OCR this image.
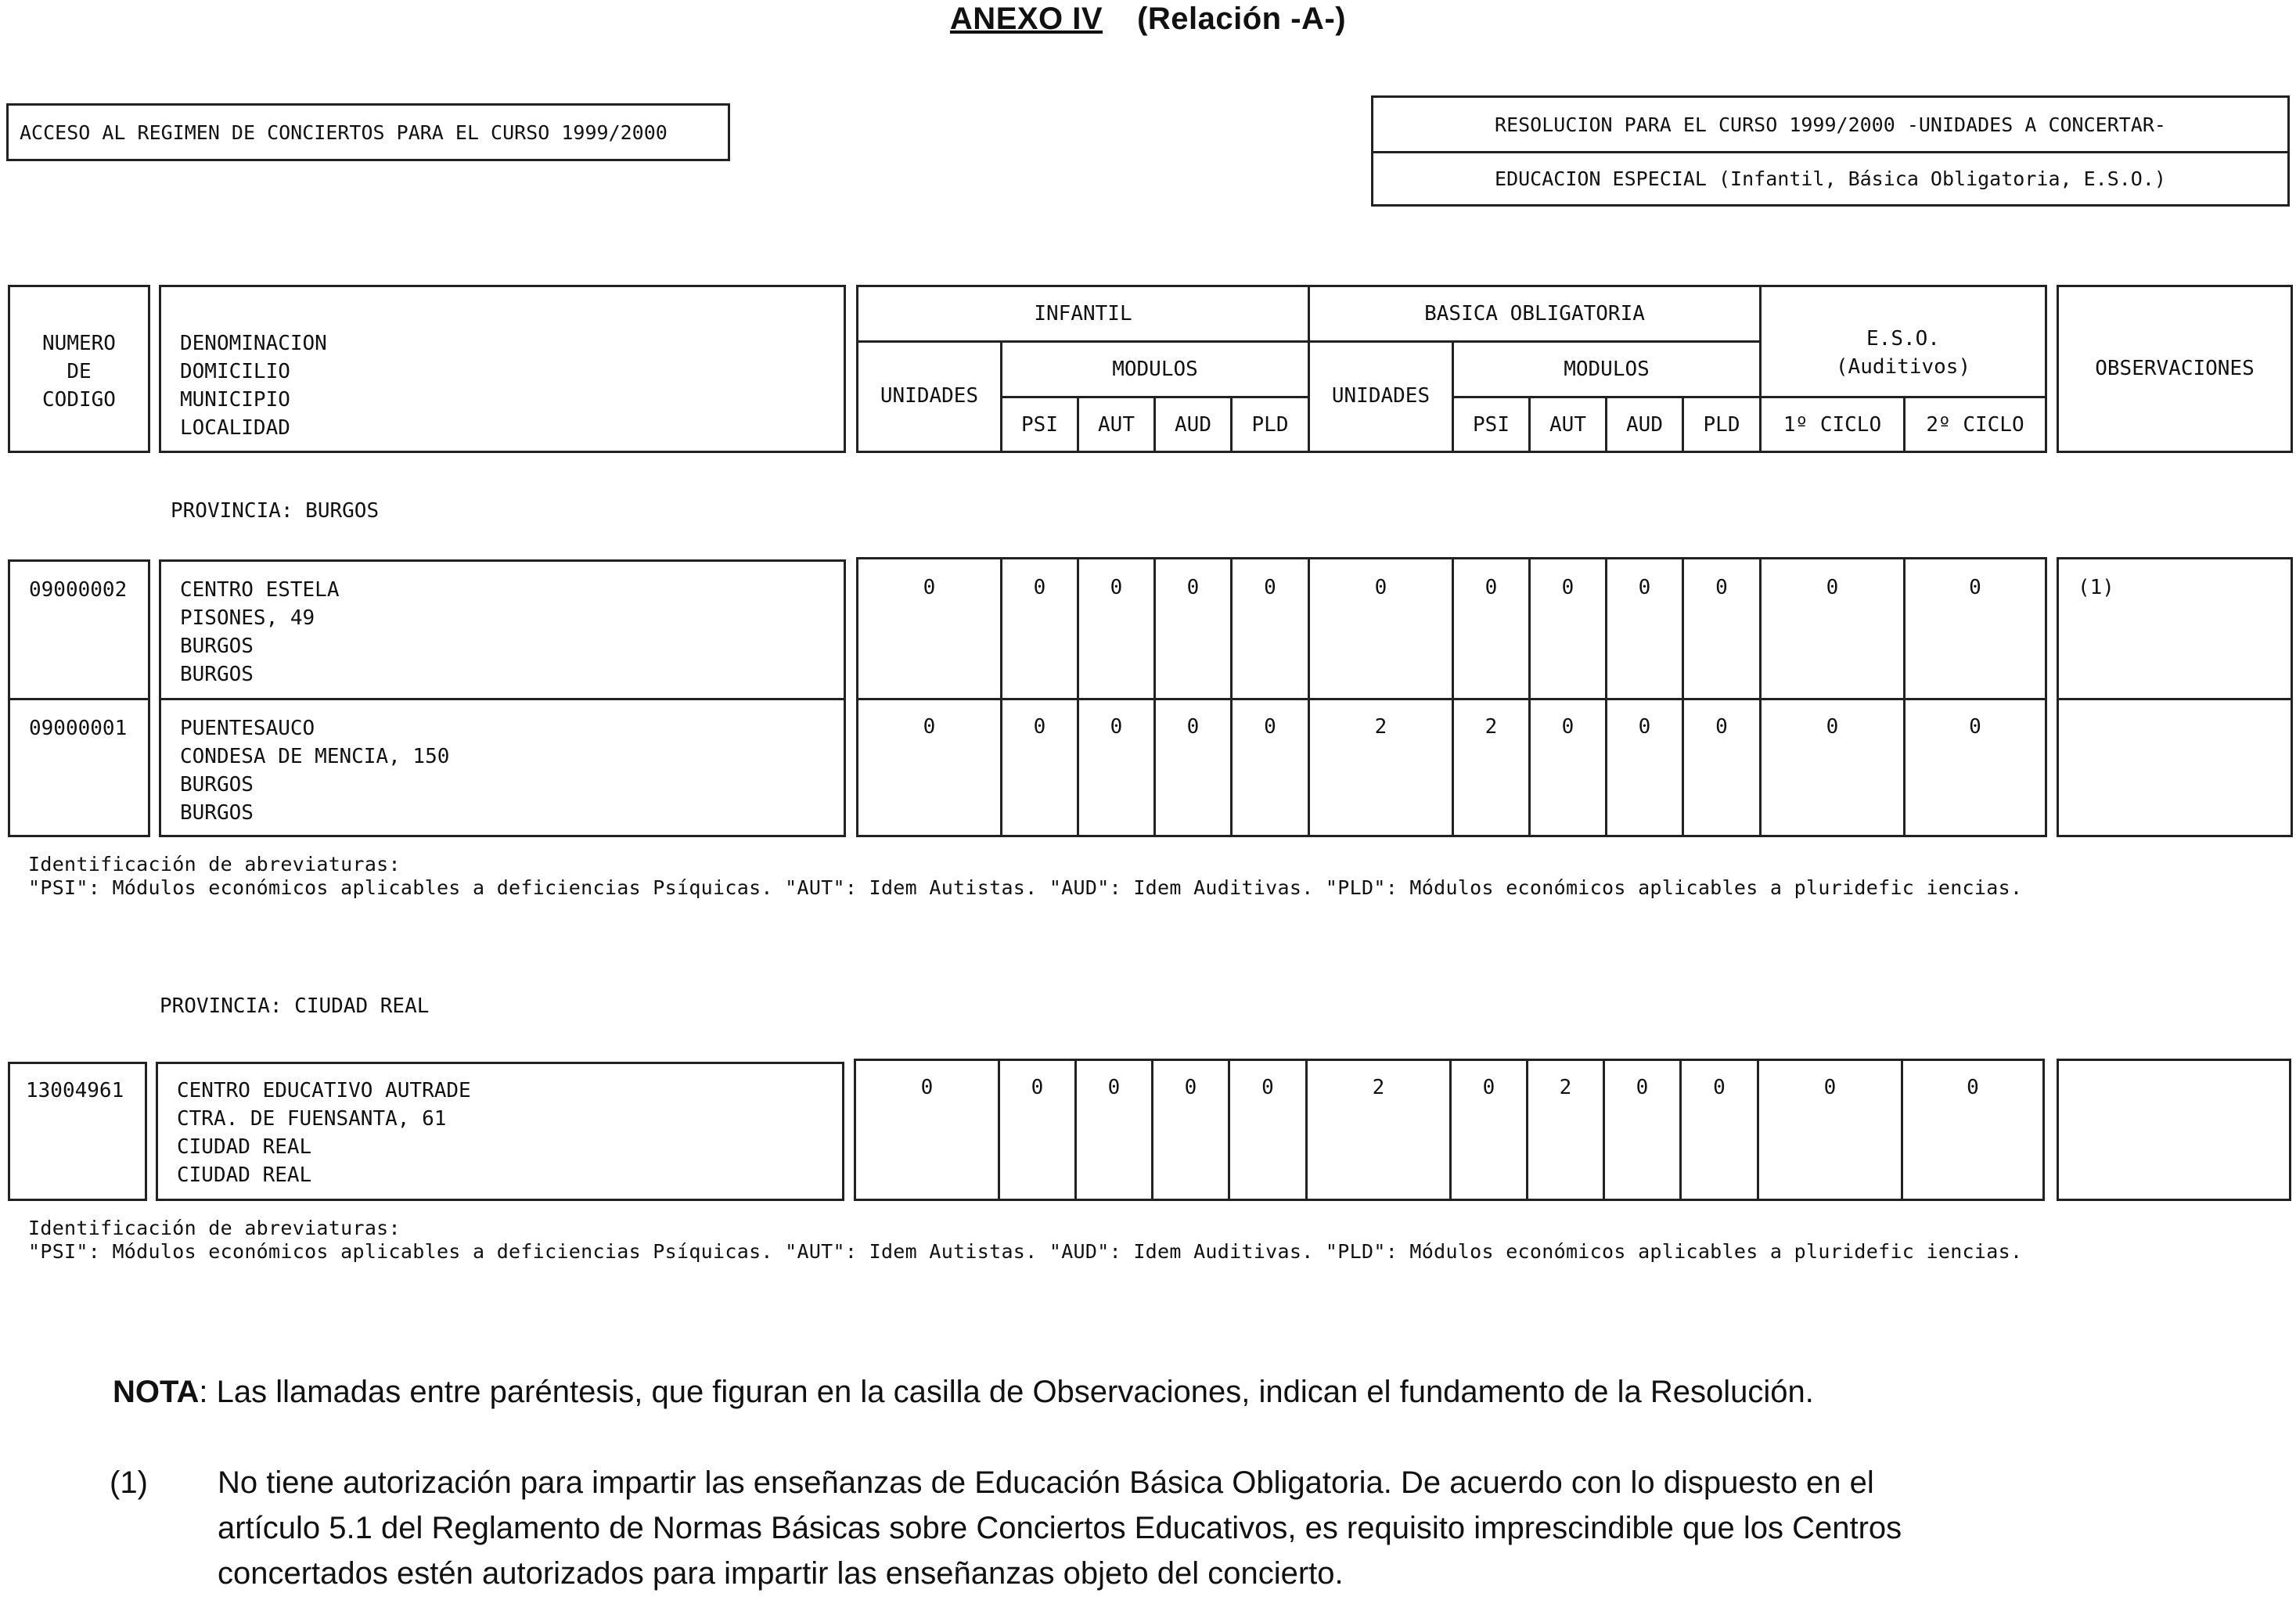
ANEXO IV (Relación -A-)
ACCESO AL REGIMEN DE CONCIERTOS PARA EL CURSO 1999/2000	RESOLUCION PARA EL CURSO 1999/2000 -UNIDADES A CONCERTAR-
EDUCACION ESPECIAL (Infantil, Básica Obligatoria, E.S.O.)
NUMERO
DE
CODIGO
DENOMINACION
DOMICILIO
MUNICIPIO
LOCALIDAD
INFANTIL
UNIDADES
MODULOS
PSI	AUT	AUD	PLD
BASICA OBLIGATORIA
UNIDADES
MODULOS
PSI	AUT	AUD	PLD
E.S.O.
(Auditivos)
1º CICLO	2º CICLO
OBSERVACIONES
PROVINCIA: BURGOS
09000002	CENTRO ESTELA
PISONES, 49
BURGOS
BURGOS
0	0	0	0	0	0	0	0	0	0	0	0	(1)
09000001	PUENTESAUCO
CONDESA DE MENCIA, 150
BURGOS
BURGOS
0	0	0	0	0	2	2	0	0	0	0	0
Identificación de abreviaturas:
"PSI": Módulos económicos aplicables a deficiencias Psíquicas. "AUT": Idem Autistas. "AUD": Idem Auditivas. "PLD": Módulos económicos aplicables a pluridefic iencias.
PROVINCIA: CIUDAD REAL
13004961	CENTRO EDUCATIVO AUTRADE
CTRA. DE FUENSANTA, 61
CIUDAD REAL
CIUDAD REAL
0	0	0	0	0	2	0	2	0	0	0	0
Identificación de abreviaturas:
"PSI": Módulos económicos aplicables a deficiencias Psíquicas. "AUT": Idem Autistas. "AUD": Idem Auditivas. "PLD": Módulos económicos aplicables a pluridefic iencias.
NOTA: Las llamadas entre paréntesis, que figuran en la casilla de Observaciones, indican el fundamento de la Resolución.
(1) No tiene autorización para impartir las enseñanzas de Educación Básica Obligatoria. De acuerdo con lo dispuesto en el
artículo 5.1 del Reglamento de Normas Básicas sobre Conciertos Educativos, es requisito imprescindible que los Centros
concertados estén autorizados para impartir las enseñanzas objeto del concierto.
